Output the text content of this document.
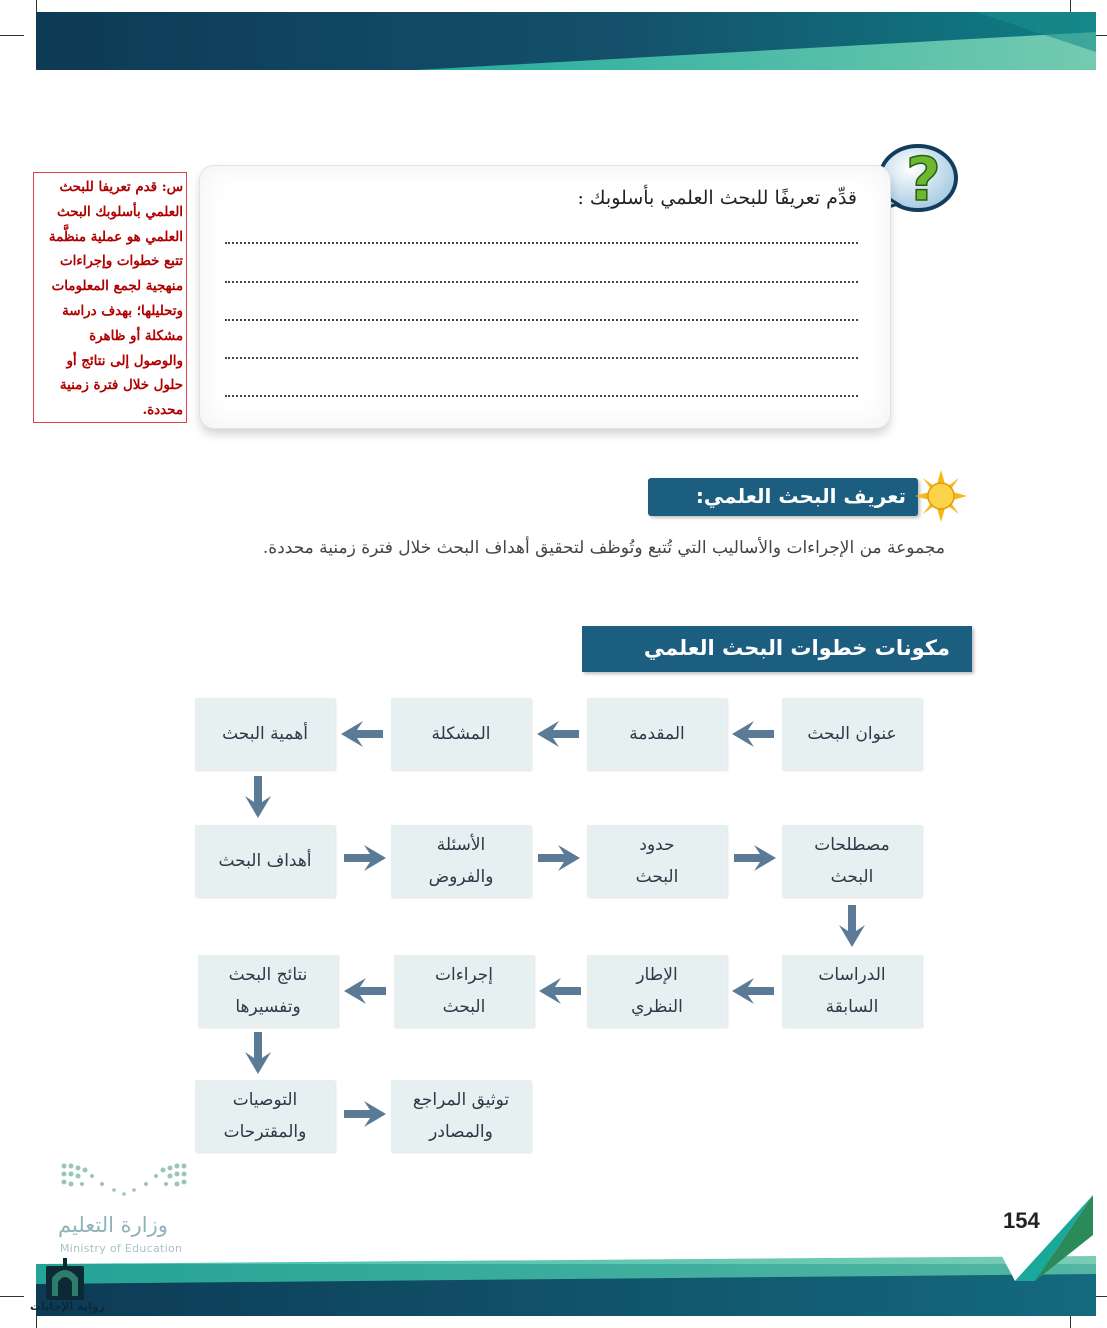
?
قدِّم تعريفًا للبحث العلمي بأسلوبك :
س: قدم تعريفا للبحث العلمي بأسلوبك البحث العلمي هو عملية منظَّمة تتبع خطوات وإجراءات منهجية لجمع المعلومات وتحليلها؛ بهدف دراسة مشكلة أو ظاهرة والوصول إلى نتائج أو حلول خلال فترة زمنية محددة.
تعريف البحث العلمي:
مجموعة من الإجراءات والأساليب التي تُتبع وتُوظف لتحقيق أهداف البحث خلال فترة زمنية محددة.
مكونات خطوات البحث العلمي
عنوان البحث
المقدمة
المشكلة
أهمية البحث
أهداف البحث
الأسئلة والفروض
حدود البحث
مصطلحات البحث
الدراسات السابقة
الإطار النظري
إجراءات البحث
نتائج البحث وتفسيرها
التوصيات والمقترحات
توثيق المراجع والمصادر
154
وزارة التعليم
Ministry of Education
رواية الإجابات
